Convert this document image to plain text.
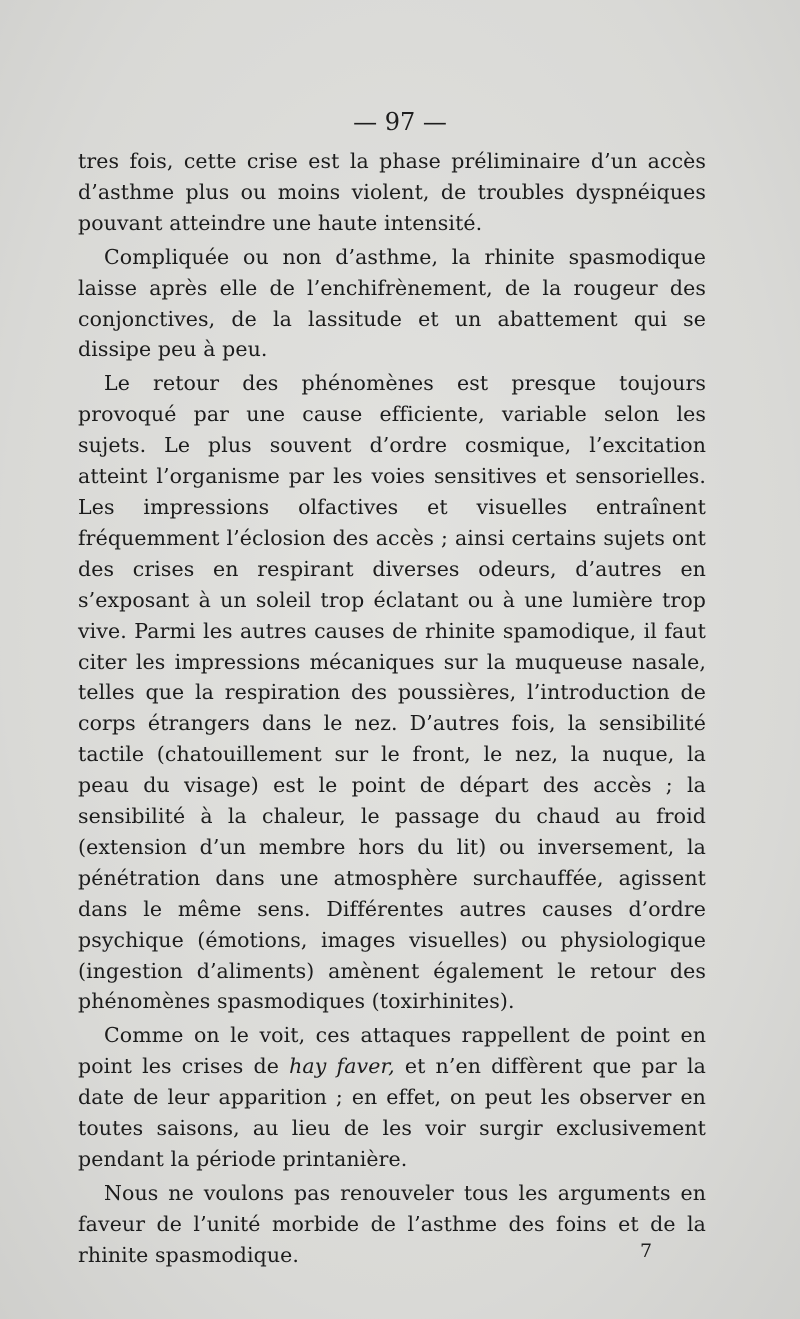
— 97 —

tres fois, cette crise est la phase préliminaire d’un accès d’asthme plus ou moins violent, de troubles dyspnéiques pouvant atteindre une haute intensité.

Compliquée ou non d’asthme, la rhinite spasmodique laisse après elle de l’enchifrènement, de la rougeur des conjonctives, de la lassitude et un abattement qui se dissipe peu à peu.

Le retour des phénomènes est presque toujours provoqué par une cause efficiente, variable selon les sujets. Le plus souvent d’ordre cosmique, l’excitation atteint l’organisme par les voies sensitives et sensorielles. Les impressions olfactives et visuelles entraînent fréquemment l’éclosion des accès ; ainsi certains sujets ont des crises en respirant diverses odeurs, d’autres en s’exposant à un soleil trop éclatant ou à une lumière trop vive. Parmi les autres causes de rhinite spamodique, il faut citer les impressions mécaniques sur la muqueuse nasale, telles que la respiration des poussières, l’introduction de corps étrangers dans le nez. D’autres fois, la sensibilité tactile (chatouillement sur le front, le nez, la nuque, la peau du visage) est le point de départ des accès ; la sensibilité à la chaleur, le passage du chaud au froid (extension d’un membre hors du lit) ou inversement, la pénétration dans une atmosphère surchauffée, agissent dans le même sens. Différentes autres causes d’ordre psychique (émotions, images visuelles) ou physiologique (ingestion d’aliments) amènent également le retour des phénomènes spasmodiques (toxirhinites).

Comme on le voit, ces attaques rappellent de point en point les crises de hay faver, et n’en diffèrent que par la date de leur apparition ; en effet, on peut les observer en toutes saisons, au lieu de les voir surgir exclusivement pendant la période printanière.

Nous ne voulons pas renouveler tous les arguments en faveur de l’unité morbide de l’asthme des foins et de la rhinite spasmodique.	7
